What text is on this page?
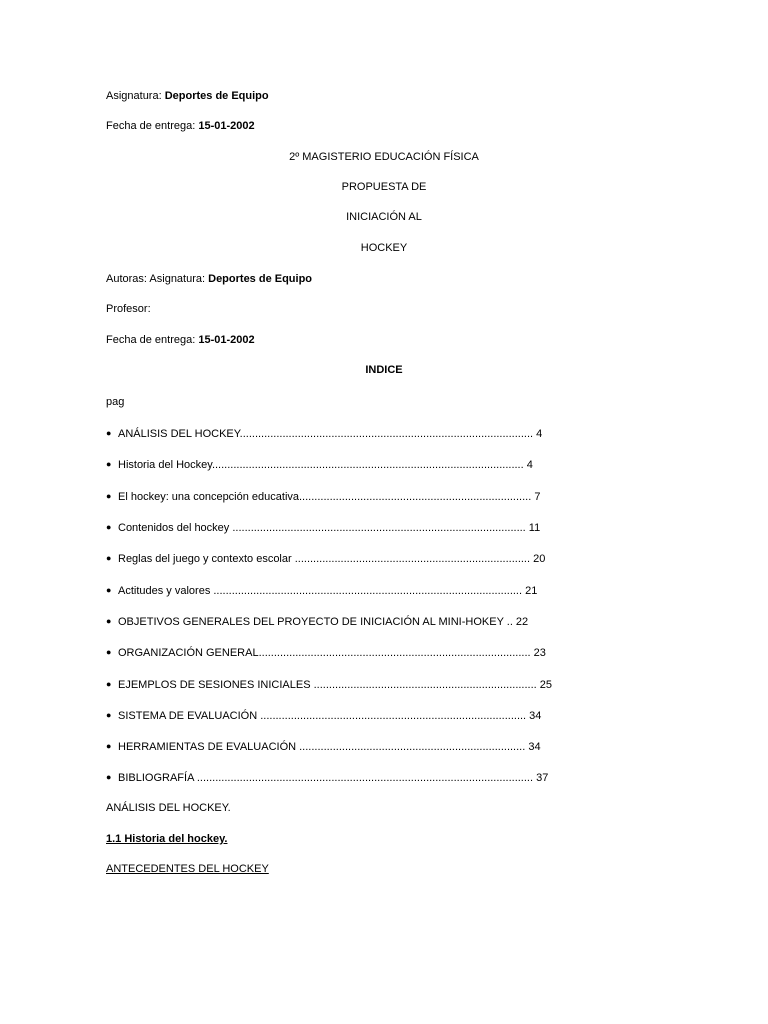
Asignatura: Deportes de Equipo
Fecha de entrega: 15-01-2002
2º MAGISTERIO EDUCACIÓN FÍSICA
PROPUESTA DE
INICIACIÓN AL
HOCKEY
Autoras: Asignatura: Deportes de Equipo
Profesor:
Fecha de entrega: 15-01-2002
INDICE
pag
● ANÁLISIS DEL HOCKEY................................................................................................ 4
● Historia del Hockey...................................................................................................... 4
● El hockey: una concepción educativa............................................................................ 7
● Contenidos del hockey ................................................................................................ 11
● Reglas del juego y contexto escolar ............................................................................. 20
● Actitudes y valores ..................................................................................................... 21
● OBJETIVOS GENERALES DEL PROYECTO DE INICIACIÓN AL MINI-HOKEY .. 22
● ORGANIZACIÓN GENERAL......................................................................................... 23
● EJEMPLOS DE SESIONES INICIALES ......................................................................... 25
● SISTEMA DE EVALUACIÓN ....................................................................................... 34
● HERRAMIENTAS DE EVALUACIÓN .......................................................................... 34
● BIBLIOGRAFÍA .............................................................................................................. 37
ANÁLISIS DEL HOCKEY.
1.1 Historia del hockey.
ANTECEDENTES DEL HOCKEY
